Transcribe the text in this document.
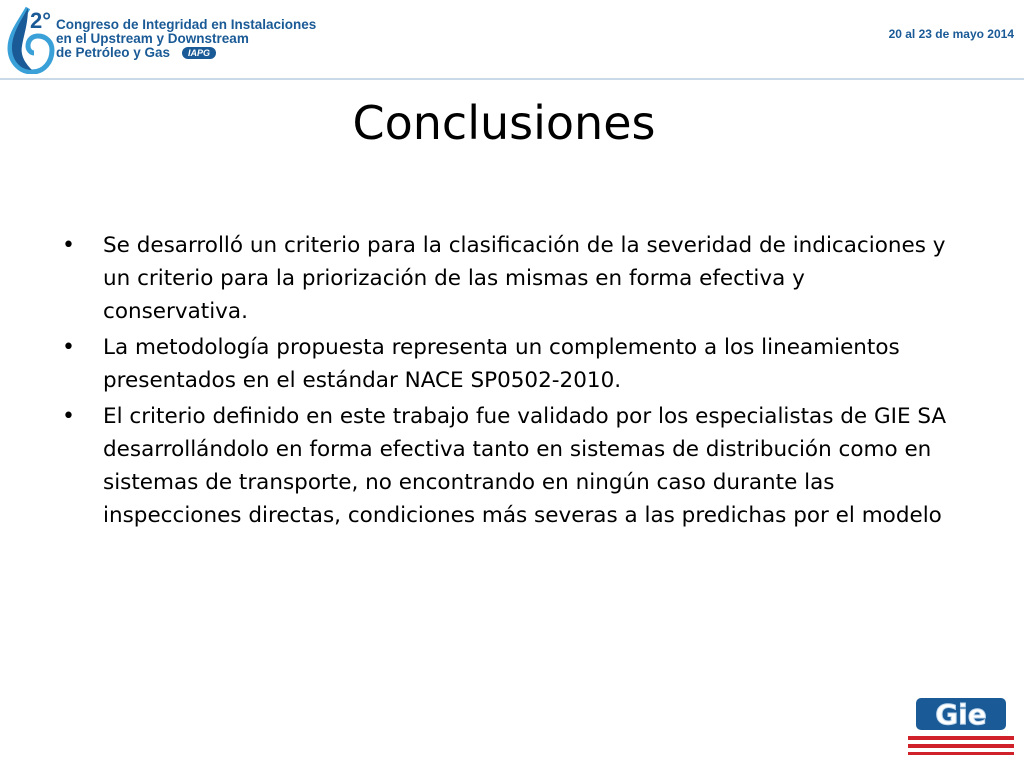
2° Congreso de Integridad en Instalaciones
en el Upstream y Downstream
de Petróleo y Gas IAPG
20 al 23 de mayo 2014
Conclusiones
• Se desarrolló un criterio para la clasificación de la severidad de indicaciones y un criterio para la priorización de las mismas en forma efectiva y conservativa.
• La metodología propuesta representa un complemento a los lineamientos presentados en el estándar NACE SP0502-2010.
• El criterio definido en este trabajo fue validado por los especialistas de GIE SA desarrollándolo en forma efectiva tanto en sistemas de distribución como en sistemas de transporte, no encontrando en ningún caso durante las inspecciones directas, condiciones más severas a las predichas por el modelo
Gie
